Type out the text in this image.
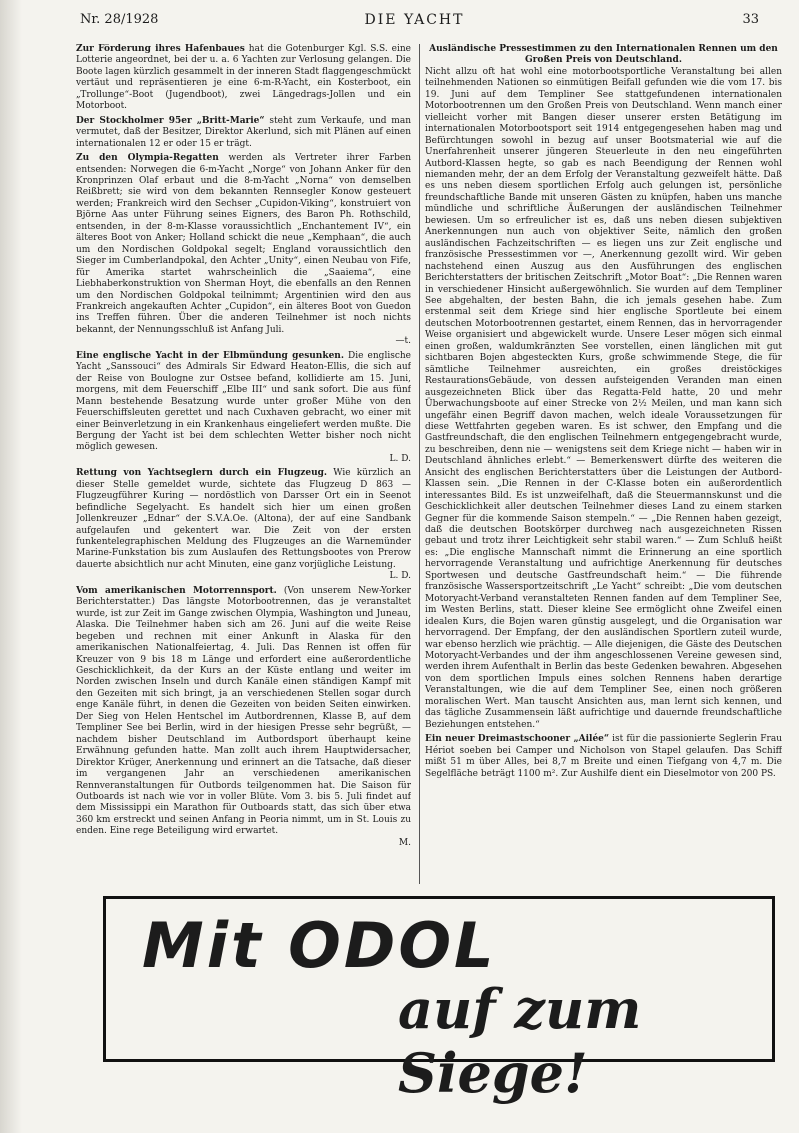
Nr. 28/1928	DIE YACHT	33

Zur Förderung ihres Hafenbaues hat die Gotenburger Kgl. S.S. eine Lotterie angeordnet, bei der u. a. 6 Yachten zur Verlosung gelangen. Die Boote lagen kürzlich gesammelt in der inneren Stadt flaggengeschmückt vertäut und repräsentieren je eine 6-m-R-Yacht, ein Kosterboot, ein „Trollunge“-Boot (Jugendboot), zwei Längedrags-Jollen und ein Motorboot.

Der Stockholmer 95er „Britt-Marie“ steht zum Verkaufe, und man vermutet, daß der Besitzer, Direktor Akerlund, sich mit Plänen auf einen internationalen 12 er oder 15 er trägt.

Zu den Olympia-Regatten werden als Vertreter ihrer Farben entsenden: Norwegen die 6-m-Yacht „Norge“ von Johann Anker für den Kronprinzen Olaf erbaut und die 8-m-Yacht „Norna“ von demselben Reißbrett; sie wird von dem bekannten Rennsegler Konow gesteuert werden; Frankreich wird den Sechser „Cupidon-Viking“, konstruiert von Björne Aas unter Führung seines Eigners, des Baron Ph. Rothschild, entsenden, in der 8-m-Klasse voraussichtlich „Enchantement IV“, ein älteres Boot von Anker; Holland schickt die neue „Kemphaan“, die auch um den Nordischen Goldpokal segelt; England voraussichtlich den Sieger im Cumberlandpokal, den Achter „Unity“, einen Neubau von Fife, für Amerika startet wahrscheinlich die „Saaiema“, eine Liebhaberkonstruktion von Sherman Hoyt, die ebenfalls an den Rennen um den Nordischen Goldpokal teilnimmt; Argentinien wird den aus Frankreich angekauften Achter „Cupidon“, ein älteres Boot von Guedon ins Treffen führen. Über die anderen Teilnehmer ist noch nichts bekannt, der Nennungsschluß ist Anfang Juli.
—t.

Eine englische Yacht in der Elbmündung gesunken. Die englische Yacht „Sanssouci“ des Admirals Sir Edward Heaton-Ellis, die sich auf der Reise von Boulogne zur Ostsee befand, kollidierte am 15. Juni, morgens, mit dem Feuerschiff „Elbe III“ und sank sofort. Die aus fünf Mann bestehende Besatzung wurde unter großer Mühe von den Feuerschiffsleuten gerettet und nach Cuxhaven gebracht, wo einer mit einer Beinverletzung in ein Krankenhaus eingeliefert werden mußte. Die Bergung der Yacht ist bei dem schlechten Wetter bisher noch nicht möglich gewesen.
L. D.

Rettung von Yachtseglern durch ein Flugzeug. Wie kürzlich an dieser Stelle gemeldet wurde, sichtete das Flugzeug D 863 — Flugzeugführer Kuring — nordöstlich von Darsser Ort ein in Seenot befindliche Segelyacht. Es handelt sich hier um einen großen Jollenkreuzer „Ednar“ der S.V.A.Oe. (Altona), der auf eine Sandbank aufgelaufen und gekentert war. Die Zeit von der ersten funkentelegraphischen Meldung des Flugzeuges an die Warnemünder Marine-Funkstation bis zum Auslaufen des Rettungsbootes von Prerow dauerte absichtlich nur acht Minuten, eine ganz vorjügliche Leistung.
L. D.

Vom amerikanischen Motorrennsport. (Von unserem New-Yorker Berichterstatter.) Das längste Motorbootrennen, das je veranstaltet wurde, ist zur Zeit im Gange zwischen Olympia, Washington und Juneau, Alaska. Die Teilnehmer haben sich am 26. Juni auf die weite Reise begeben und rechnen mit einer Ankunft in Alaska für den amerikanischen Nationalfeiertag, 4. Juli. Das Rennen ist offen für Kreuzer von 9 bis 18 m Länge und erfordert eine außerordentliche Geschicklichkeit, da der Kurs an der Küste entlang und weiter im Norden zwischen Inseln und durch Kanäle einen ständigen Kampf mit den Gezeiten mit sich bringt, ja an verschiedenen Stellen sogar durch enge Kanäle führt, in denen die Gezeiten von beiden Seiten einwirken. Der Sieg von Helen Hentschel im Autbordrennen, Klasse B, auf dem Templiner See bei Berlin, wird in der hiesigen Presse sehr begrüßt, — nachdem bisher Deutschland im Autbordsport überhaupt keine Erwähnung gefunden hatte. Man zollt auch ihrem Hauptwidersacher, Direktor Krüger, Anerkennung und erinnert an die Tatsache, daß dieser im vergangenen Jahr an verschiedenen amerikanischen Rennveranstaltungen für Outbords teilgenommen hat. Die Saison für Outboards ist nach wie vor in voller Blüte. Vom 3. bis 5. Juli findet auf dem Mississippi ein Marathon für Outboards statt, das sich über etwa 360 km erstreckt und seinen Anfang in Peoria nimmt, um in St. Louis zu enden. Eine rege Beteiligung wird erwartet.
M.

Ausländische Pressestimmen zu den Internationalen Rennen um den Großen Preis von Deutschland.
Nicht allzu oft hat wohl eine motorbootsportliche Veranstaltung bei allen teilnehmenden Nationen so einmütigen Beifall gefunden wie die vom 17. bis 19. Juni auf dem Templiner See stattgefundenen internationalen Motorbootrennen um den Großen Preis von Deutschland. Wenn manch einer vielleicht vorher mit Bangen dieser unserer ersten Betätigung im internationalen Motorbootsport seit 1914 entgegengesehen haben mag und Befürchtungen sowohl in bezug auf unser Bootsmaterial wie auf die Unerfahrenheit unserer jüngeren Steuerleute in den neu eingeführten Autbord-Klassen hegte, so gab es nach Beendigung der Rennen wohl niemanden mehr, der an dem Erfolg der Veranstaltung gezweifelt hätte. Daß es uns neben diesem sportlichen Erfolg auch gelungen ist, persönliche freundschaftliche Bande mit unseren Gästen zu knüpfen, haben uns manche mündliche und schriftliche Äußerungen der ausländischen Teilnehmer bewiesen. Um so erfreulicher ist es, daß uns neben diesen subjektiven Anerkennungen nun auch von objektiver Seite, nämlich den großen ausländischen Fachzeitschriften — es liegen uns zur Zeit englische und französische Pressestimmen vor —, Anerkennung gezollt wird. Wir geben nachstehend einen Auszug aus den Ausführungen des englischen Berichterstatters der britischen Zeitschrift „Motor Boat“: „Die Rennen waren in verschiedener Hinsicht außergewöhnlich. Sie wurden auf dem Templiner See abgehalten, der besten Bahn, die ich jemals gesehen habe. Zum erstenmal seit dem Kriege sind hier englische Sportleute bei einem deutschen Motorbootrennen gestartet, einem Rennen, das in hervorragender Weise organisiert und abgewickelt wurde. Unsere Leser mögen sich einmal einen großen, waldumkränzten See vorstellen, einen länglichen mit gut sichtbaren Bojen abgesteckten Kurs, große schwimmende Stege, die für sämtliche Teilnehmer ausreichten, ein großes dreistöckiges RestaurationsGebäude, von dessen aufsteigenden Veranden man einen ausgezeichneten Blick über das Regatta-Feld hatte, 20 und mehr Überwachungsboote auf einer Strecke von 2½ Meilen, und man kann sich ungefähr einen Begriff davon machen, welch ideale Voraussetzungen für diese Wettfahrten gegeben waren. Es ist schwer, den Empfang und die Gastfreundschaft, die den englischen Teilnehmern entgegengebracht wurde, zu beschreiben, denn nie — wenigstens seit dem Kriege nicht — haben wir in Deutschland ähnliches erlebt.“ — Bemerkenswert dürfte des weiteren die Ansicht des englischen Berichterstatters über die Leistungen der Autbord-Klassen sein. „Die Rennen in der C-Klasse boten ein außerordentlich interessantes Bild. Es ist unzweifelhaft, daß die Steuermannskunst und die Geschicklichkeit aller deutschen Teilnehmer dieses Land zu einem starken Gegner für die kommende Saison stempeln.“ — „Die Rennen haben gezeigt, daß die deutschen Bootskörper durchweg nach ausgezeichneten Rissen gebaut und trotz ihrer Leichtigkeit sehr stabil waren.“ — Zum Schluß heißt es: „Die englische Mannschaft nimmt die Erinnerung an eine sportlich hervorragende Veranstaltung und aufrichtige Anerkennung für deutsches Sportwesen und deutsche Gastfreundschaft heim.“ — Die führende französische Wassersportzeitschrift „Le Yacht“ schreibt: „Die vom deutschen Motoryacht-Verband veranstalteten Rennen fanden auf dem Templiner See, im Westen Berlins, statt. Dieser kleine See ermöglicht ohne Zweifel einen idealen Kurs, die Bojen waren günstig ausgelegt, und die Organisation war hervorragend. Der Empfang, der den ausländischen Sportlern zuteil wurde, war ebenso herzlich wie prächtig. — Alle diejenigen, die Gäste des Deutschen Motoryacht-Verbandes und der ihm angeschlossenen Vereine gewesen sind, werden ihrem Aufenthalt in Berlin das beste Gedenken bewahren. Abgesehen von dem sportlichen Impuls eines solchen Rennens haben derartige Veranstaltungen, wie die auf dem Templiner See, einen noch größeren moralischen Wert. Man tauscht Ansichten aus, man lernt sich kennen, und das tägliche Zusammensein läßt aufrichtige und dauernde freundschaftliche Beziehungen entstehen.“

Ein neuer Dreimastschooner „Ailée“ ist für die passionierte Seglerin Frau Hériot soeben bei Camper und Nicholson von Stapel gelaufen. Das Schiff mißt 51 m über Alles, bei 8,7 m Breite und einen Tiefgang von 4,7 m. Die Segelfläche beträgt 1100 m². Zur Aushilfe dient ein Dieselmotor von 200 PS.

Mit ODOL
auf zum Siege!
